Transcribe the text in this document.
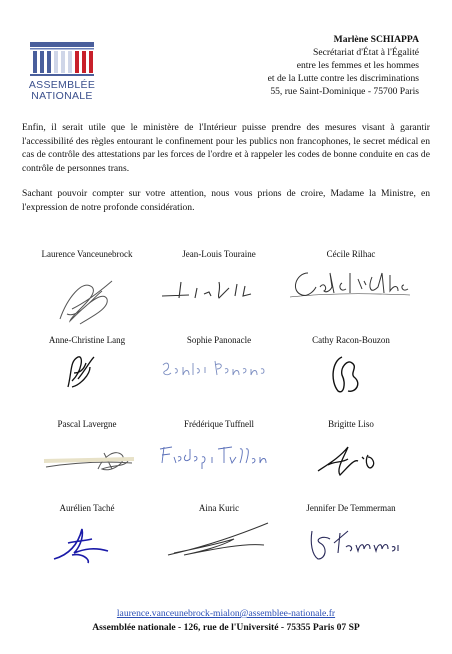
ASSEMBLÉE
NATIONALE
Marlène SCHIAPPA
Secrétariat d'État à l'Égalité
entre les femmes et les hommes
et de la Lutte contre les discriminations
55, rue Saint-Dominique - 75700 Paris

Enfin, il serait utile que le ministère de l'Intérieur puisse prendre des mesures visant à garantir l'accessibilité des règles entourant le confinement pour les publics non francophones, le secret médical en cas de contrôle des attestations par les forces de l'ordre et à rappeler les codes de bonne conduite en cas de contrôle de personnes trans.

Sachant pouvoir compter sur votre attention, nous vous prions de croire, Madame la Ministre, en l'expression de notre profonde considération.

Laurence Vanceunebrock	Jean-Louis Touraine	Cécile Rilhac
Anne-Christine Lang	Sophie Panonacle	Cathy Racon-Bouzon
Pascal Lavergne	Frédérique Tuffnell	Brigitte Liso
Aurélien Taché	Aina Kuric	Jennifer De Temmerman
laurence.vanceunebrock-mialon@assemblee-nationale.fr
Assemblée nationale - 126, rue de l'Université - 75355 Paris 07 SP
